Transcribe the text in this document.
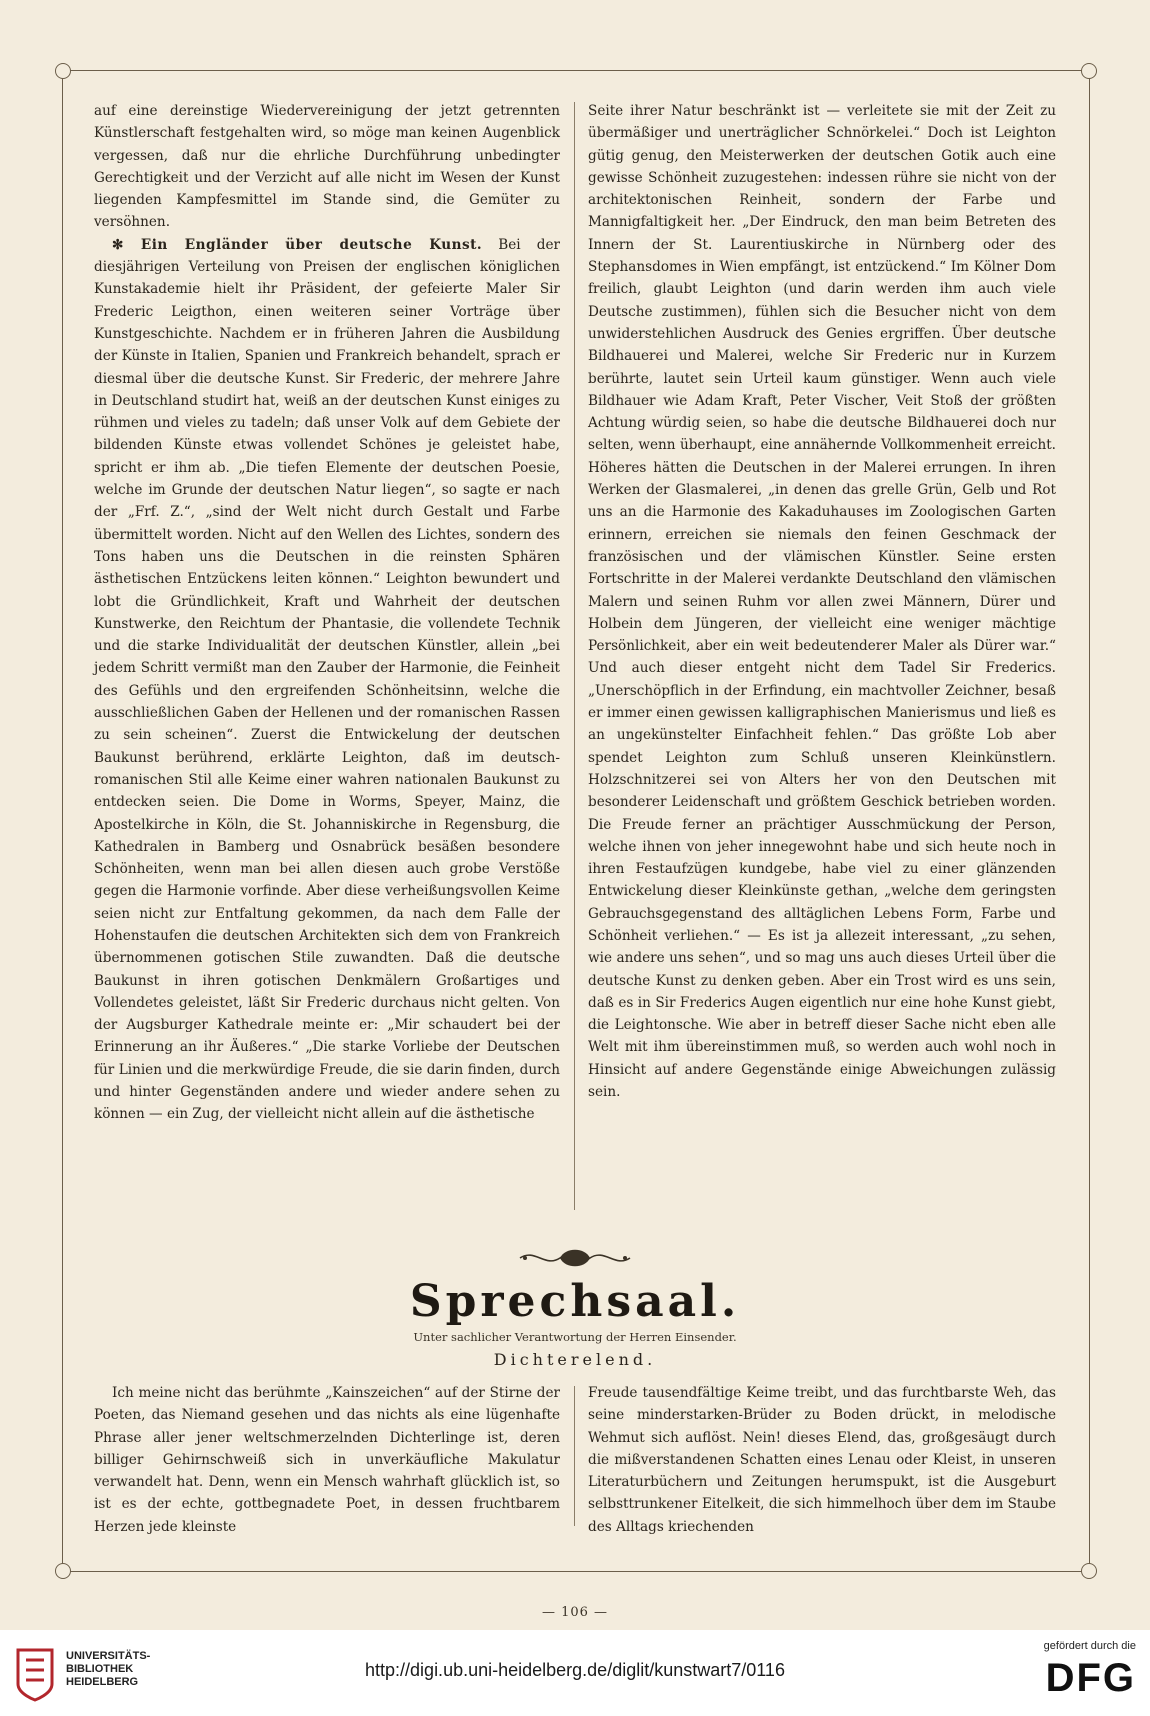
auf eine dereinstige Wiedervereinigung der jetzt getrennten Künstlerschaft festgehalten wird, so möge man keinen Augenblick vergessen, daß nur die ehrliche Durchführung unbedingter Gerechtigkeit und der Verzicht auf alle nicht im Wesen der Kunst liegenden Kampfesmittel im Stande sind, die Gemüter zu versöhnen.

✻ Ein Engländer über deutsche Kunst. Bei der diesjährigen Verteilung von Preisen der englischen königlichen Kunstakademie hielt ihr Präsident, der gefeierte Maler Sir Frederic Leigthon, einen weiteren seiner Vorträge über Kunstgeschichte. Nachdem er in früheren Jahren die Ausbildung der Künste in Italien, Spanien und Frankreich behandelt, sprach er diesmal über die deutsche Kunst. Sir Frederic, der mehrere Jahre in Deutschland studirt hat, weiß an der deutschen Kunst einiges zu rühmen und vieles zu tadeln; daß unser Volk auf dem Gebiete der bildenden Künste etwas vollendet Schönes je geleistet habe, spricht er ihm ab. „Die tiefen Elemente der deutschen Poesie, welche im Grunde der deutschen Natur liegen“, so sagte er nach der „Frf. Z.“, „sind der Welt nicht durch Gestalt und Farbe übermittelt worden. Nicht auf den Wellen des Lichtes, sondern des Tons haben uns die Deutschen in die reinsten Sphären ästhetischen Entzückens leiten können.“ Leighton bewundert und lobt die Gründlichkeit, Kraft und Wahrheit der deutschen Kunstwerke, den Reichtum der Phantasie, die vollendete Technik und die starke Individualität der deutschen Künstler, allein „bei jedem Schritt vermißt man den Zauber der Harmonie, die Feinheit des Gefühls und den ergreifenden Schönheitsinn, welche die ausschließlichen Gaben der Hellenen und der romanischen Rassen zu sein scheinen“. Zuerst die Entwickelung der deutschen Baukunst berührend, erklärte Leighton, daß im deutsch-romanischen Stil alle Keime einer wahren nationalen Baukunst zu entdecken seien. Die Dome in Worms, Speyer, Mainz, die Apostelkirche in Köln, die St. Johanniskirche in Regensburg, die Kathedralen in Bamberg und Osnabrück besäßen besondere Schönheiten, wenn man bei allen diesen auch grobe Verstöße gegen die Harmonie vorfinde. Aber diese verheißungsvollen Keime seien nicht zur Entfaltung gekommen, da nach dem Falle der Hohenstaufen die deutschen Architekten sich dem von Frankreich übernommenen gotischen Stile zuwandten. Daß die deutsche Baukunst in ihren gotischen Denkmälern Großartiges und Vollendetes geleistet, läßt Sir Frederic durchaus nicht gelten. Von der Augsburger Kathedrale meinte er: „Mir schaudert bei der Erinnerung an ihr Äußeres.“ „Die starke Vorliebe der Deutschen für Linien und die merkwürdige Freude, die sie darin finden, durch und hinter Gegenständen andere und wieder andere sehen zu können — ein Zug, der vielleicht nicht allein auf die ästhetische

Seite ihrer Natur beschränkt ist — verleitete sie mit der Zeit zu übermäßiger und unerträglicher Schnörkelei.“ Doch ist Leighton gütig genug, den Meisterwerken der deutschen Gotik auch eine gewisse Schönheit zuzugestehen: indessen rühre sie nicht von der architektonischen Reinheit, sondern der Farbe und Mannigfaltigkeit her. „Der Eindruck, den man beim Betreten des Innern der St. Laurentiuskirche in Nürnberg oder des Stephansdomes in Wien empfängt, ist entzückend.“ Im Kölner Dom freilich, glaubt Leighton (und darin werden ihm auch viele Deutsche zustimmen), fühlen sich die Besucher nicht von dem unwiderstehlichen Ausdruck des Genies ergriffen. Über deutsche Bildhauerei und Malerei, welche Sir Frederic nur in Kurzem berührte, lautet sein Urteil kaum günstiger. Wenn auch viele Bildhauer wie Adam Kraft, Peter Vischer, Veit Stoß der größten Achtung würdig seien, so habe die deutsche Bildhauerei doch nur selten, wenn überhaupt, eine annähernde Vollkommenheit erreicht. Höheres hätten die Deutschen in der Malerei errungen. In ihren Werken der Glasmalerei, „in denen das grelle Grün, Gelb und Rot uns an die Harmonie des Kakaduhauses im Zoologischen Garten erinnern, erreichen sie niemals den feinen Geschmack der französischen und der vlämischen Künstler. Seine ersten Fortschritte in der Malerei verdankte Deutschland den vlämischen Malern und seinen Ruhm vor allen zwei Männern, Dürer und Holbein dem Jüngeren, der vielleicht eine weniger mächtige Persönlichkeit, aber ein weit bedeutenderer Maler als Dürer war.“ Und auch dieser entgeht nicht dem Tadel Sir Frederics. „Unerschöpflich in der Erfindung, ein machtvoller Zeichner, besaß er immer einen gewissen kalligraphischen Manierismus und ließ es an ungekünstelter Einfachheit fehlen.“ Das größte Lob aber spendet Leighton zum Schluß unseren Kleinkünstlern. Holzschnitzerei sei von Alters her von den Deutschen mit besonderer Leidenschaft und größtem Geschick betrieben worden. Die Freude ferner an prächtiger Ausschmückung der Person, welche ihnen von jeher innegewohnt habe und sich heute noch in ihren Festaufzügen kundgebe, habe viel zu einer glänzenden Entwickelung dieser Kleinkünste gethan, „welche dem geringsten Gebrauchsgegenstand des alltäglichen Lebens Form, Farbe und Schönheit verliehen.“ — Es ist ja allezeit interessant, „zu sehen, wie andere uns sehen“, und so mag uns auch dieses Urteil über die deutsche Kunst zu denken geben. Aber ein Trost wird es uns sein, daß es in Sir Frederics Augen eigentlich nur eine hohe Kunst giebt, die Leightonsche. Wie aber in betreff dieser Sache nicht eben alle Welt mit ihm übereinstimmen muß, so werden auch wohl noch in Hinsicht auf andere Gegenstände einige Abweichungen zulässig sein.

Sprechsaal.
Unter sachlicher Verantwortung der Herren Einsender.
Dichterelend.

Ich meine nicht das berühmte „Kainszeichen“ auf der Stirne der Poeten, das Niemand gesehen und das nichts als eine lügenhafte Phrase aller jener weltschmerzelnden Dichterlinge ist, deren billiger Gehirnschweiß sich in unverkäufliche Makulatur verwandelt hat. Denn, wenn ein Mensch wahrhaft glücklich ist, so ist es der echte, gottbegnadete Poet, in dessen fruchtbarem Herzen jede kleinste

Freude tausendfältige Keime treibt, und das furchtbarste Weh, das seine minderstarken-Brüder zu Boden drückt, in melodische Wehmut sich auflöst. Nein! dieses Elend, das, großgesäugt durch die mißverstandenen Schatten eines Lenau oder Kleist, in unseren Literaturbüchern und Zeitungen herumspukt, ist die Ausgeburt selbsttrunkener Eitelkeit, die sich himmelhoch über dem im Staube des Alltags kriechenden

— 106 —
UNIVERSITÄTS-
BIBLIOTHEK
HEIDELBERG
http://digi.ub.uni-heidelberg.de/diglit/kunstwart7/0116
gefördert durch die
DFG
